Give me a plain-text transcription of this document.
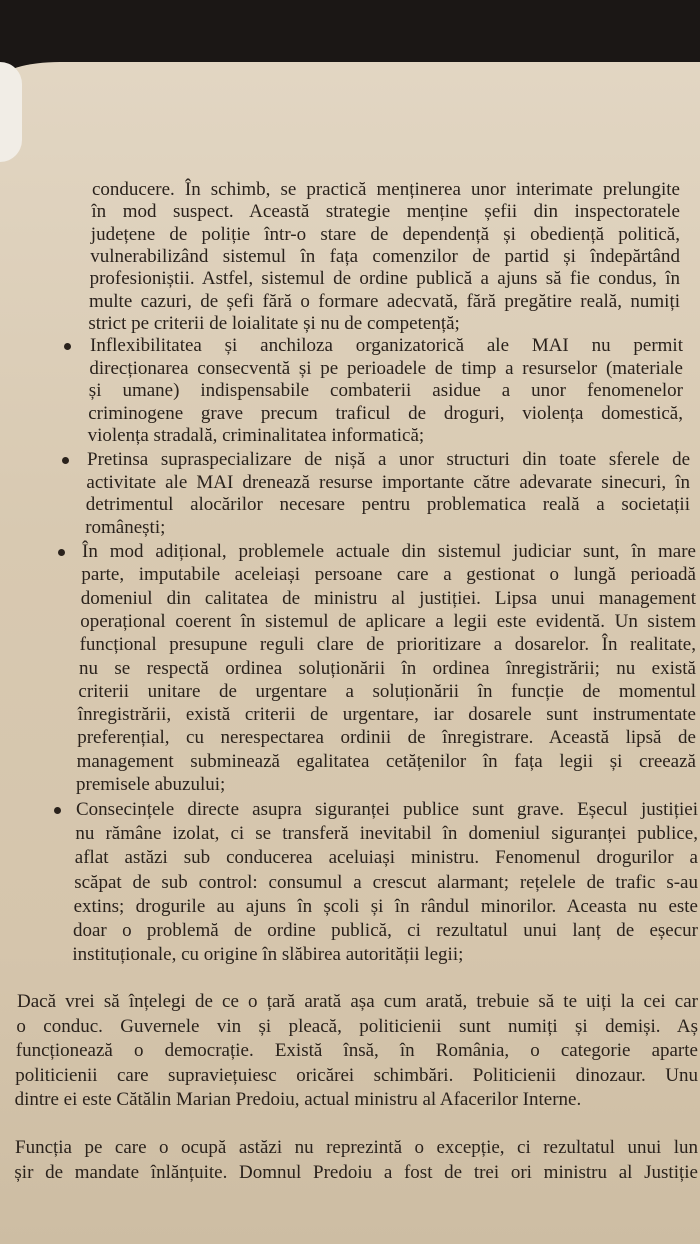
conducere. În schimb, se practică menținerea unor interimate prelungite
în mod suspect. Această strategie menține șefii din inspectoratele
județene de poliție într-o stare de dependență și obediență politică,
vulnerabilizând sistemul în fața comenzilor de partid și îndepărtând
profesioniștii. Astfel, sistemul de ordine publică a ajuns să fie condus, în
multe cazuri, de șefi fără o formare adecvată, fără pregătire reală, numiți
strict pe criterii de loialitate și nu de competență;
Inflexibilitatea și anchiloza organizatorică ale MAI nu permit
direcționarea consecventă și pe perioadele de timp a resurselor (materiale
și umane) indispensabile combaterii asidue a unor fenomenelor
criminogene grave precum traficul de droguri, violența domestică,
violența stradală, criminalitatea informatică;
Pretinsa supraspecializare de nișă a unor structuri din toate sferele de
activitate ale MAI drenează resurse importante către adevarate sinecuri, în
detrimentul alocărilor necesare pentru problematica reală a societații
românești;
În mod adițional, problemele actuale din sistemul judiciar sunt, în mare
parte, imputabile aceleiași persoane care a gestionat o lungă perioadă
domeniul din calitatea de ministru al justiției. Lipsa unui management
operațional coerent în sistemul de aplicare a legii este evidentă. Un sistem
funcțional presupune reguli clare de prioritizare a dosarelor. În realitate,
nu se respectă ordinea soluționării în ordinea înregistrării; nu există
criterii unitare de urgentare a soluționării în funcție de momentul
înregistrării, există criterii de urgentare, iar dosarele sunt instrumentate
preferențial, cu nerespectarea ordinii de înregistrare. Această lipsă de
management subminează egalitatea cetățenilor în fața legii și creează
premisele abuzului;
Consecințele directe asupra siguranței publice sunt grave. Eșecul justiției
nu rămâne izolat, ci se transferă inevitabil în domeniul siguranței publice,
aflat astăzi sub conducerea aceluiași ministru. Fenomenul drogurilor a
scăpat de sub control: consumul a crescut alarmant; rețelele de trafic s-au
extins; drogurile au ajuns în școli și în rândul minorilor. Aceasta nu este
doar o problemă de ordine publică, ci rezultatul unui lanț de eșecur
instituționale, cu origine în slăbirea autorității legii;
Dacă vrei să înțelegi de ce o țară arată așa cum arată, trebuie să te uiți la cei car
o conduc. Guvernele vin și pleacă, politicienii sunt numiți și demiși. Aș
funcționează o democrație. Există însă, în România, o categorie aparte
politicienii care supraviețuiesc oricărei schimbări. Politicienii dinozaur. Unu
dintre ei este Cătălin Marian Predoiu, actual ministru al Afacerilor Interne.
Funcția pe care o ocupă astăzi nu reprezintă o excepție, ci rezultatul unui lun
șir de mandate înlănțuite. Domnul Predoiu a fost de trei ori ministru al Justiție
